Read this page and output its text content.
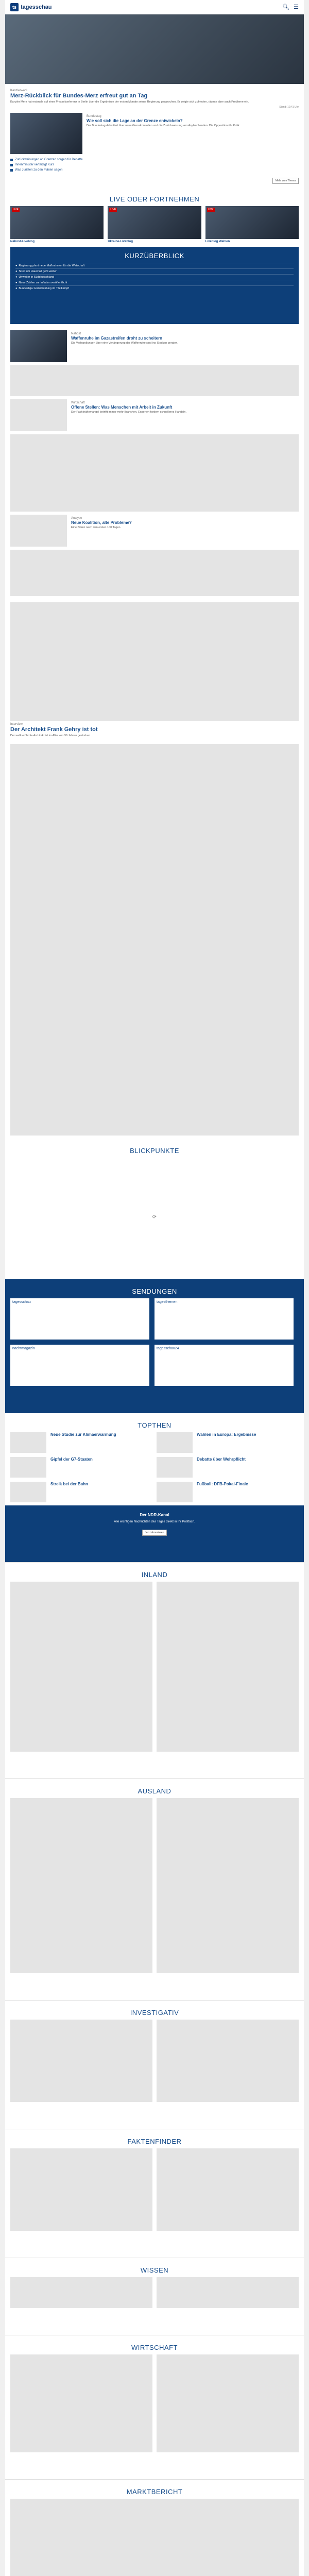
ts tagesschau	🔍︎ ☰
Kanzlerwahl
Merz-Rückblick für Bundes-Merz erfreut gut an Tag
Kanzler Merz hat erstmals auf einer Pressekonferenz in Berlin über die Ergebnisse der ersten Monate seiner Regierung gesprochen. Er zeigte sich zufrieden, räumte aber auch Probleme ein.
Stand: 12:41 Uhr
Bundestag
Wie soll sich die Lage an der Grenze entwickeln?
Der Bundestag debattiert über neue Grenzkontrollen und die Zurückweisung von Asylsuchenden. Die Opposition übt Kritik.
Zurückweisungen an Grenzen sorgen für Debatte
Innenminister verteidigt Kurs
Was Juristen zu den Plänen sagen
Mehr zum Thema
LIVE ODER FORTNEHMEN
LIVE
Nahost-Liveblog
LIVE
Ukraine-Liveblog
LIVE
Liveblog Wahlen
KURZÜBERBLICK
● Regierung plant neue Maßnahmen für die Wirtschaft
● Streit um Haushalt geht weiter
● Unwetter in Süddeutschland
● Neue Zahlen zur Inflation veröffentlicht
● Bundesliga: Entscheidung im Titelkampf
Nahost
Waffenruhe im Gazastreifen droht zu scheitern
Die Verhandlungen über eine Verlängerung der Waffenruhe sind ins Stocken geraten.
Wirtschaft
Offene Stellen: Was Menschen mit Arbeit in Zukunft
Der Fachkräftemangel betrifft immer mehr Branchen. Experten fordern schnelleres Handeln.
Analyse
Neue Koalition, alte Probleme?
Eine Bilanz nach den ersten 100 Tagen.
Interview
Der Architekt Frank Gehry ist tot
Der weltberühmte Architekt ist im Alter von 96 Jahren gestorben.
BLICKPUNKTE
⟳
SENDUNGEN
tagesschau	tagesthemen
nachtmagazin	tagesschau24
TOPTHEN
Neue Studie zur Klimaerwärmung	Wahlen in Europa: Ergebnisse
Gipfel der G7-Staaten	Debatte über Wehrpflicht
Streik bei der Bahn	Fußball: DFB-Pokal-Finale
Der NDR-Kanal
Alle wichtigen Nachrichten des Tages direkt in Ihr Postfach.
Jetzt abonnieren
INLAND
AUSLAND
INVESTIGATIV
FAKTENFINDER
WISSEN
WIRTSCHAFT
MARKTBERICHT
